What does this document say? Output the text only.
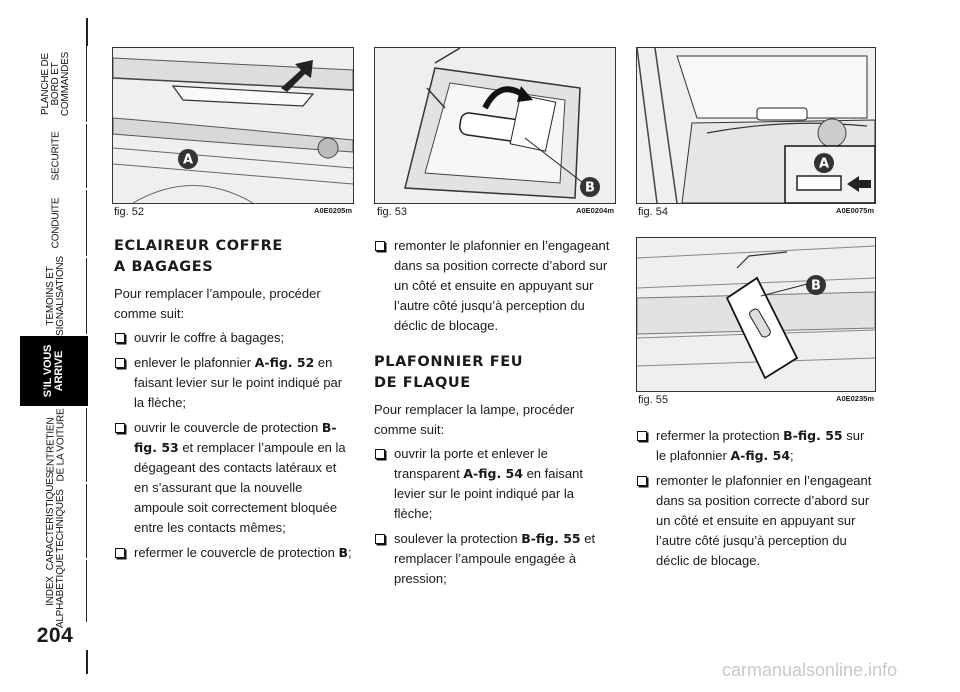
PLANCHE DE
BORD ET
COMMANDES
SECURITE
CONDUITE
TEMOINS ET
SIGNALISATIONS
S’IL VOUS
ARRIVE
ENTRETIEN
DE LA VOITURE
CARACTERISTIQUES
TECHNIQUES
INDEX
ALPHABETIQUE
204
A
fig. 52	A0E0205m
B
fig. 53	A0E0204m
A
fig. 54	A0E0075m
B
fig. 55	A0E0235m
ECLAIREUR COFFRE
A BAGAGES

Pour remplacer l’ampoule, procéder comme suit:

ouvrir le coffre à bagages;
enlever le plafonnier A-fig. 52 en faisant levier sur le point indiqué par la flèche;
ouvrir le couvercle de protection B-fig. 53 et remplacer l’ampoule en la dégageant des contacts latéraux et en s’assurant que la nouvelle ampoule soit correctement bloquée entre les contacts mêmes;
refermer le couvercle de protection B;
remonter le plafonnier en l’engageant dans sa position correcte d’abord sur un côté et ensuite en appuyant sur l’autre côté jusqu’à perception du déclic de blocage.
PLAFONNIER FEU
DE FLAQUE

Pour remplacer la lampe, procéder comme suit:

ouvrir la porte et enlever le transparent A-fig. 54 en faisant levier sur le point indiqué par la flèche;
soulever la protection B-fig. 55 et remplacer l’ampoule engagée à pression;
refermer la protection B-fig. 55 sur le plafonnier A-fig. 54;
remonter le plafonnier en l’engageant dans sa position correcte d’abord sur un côté et ensuite en appuyant sur l’autre côté jusqu’à perception du déclic de blocage.
carmanualsonline.info
